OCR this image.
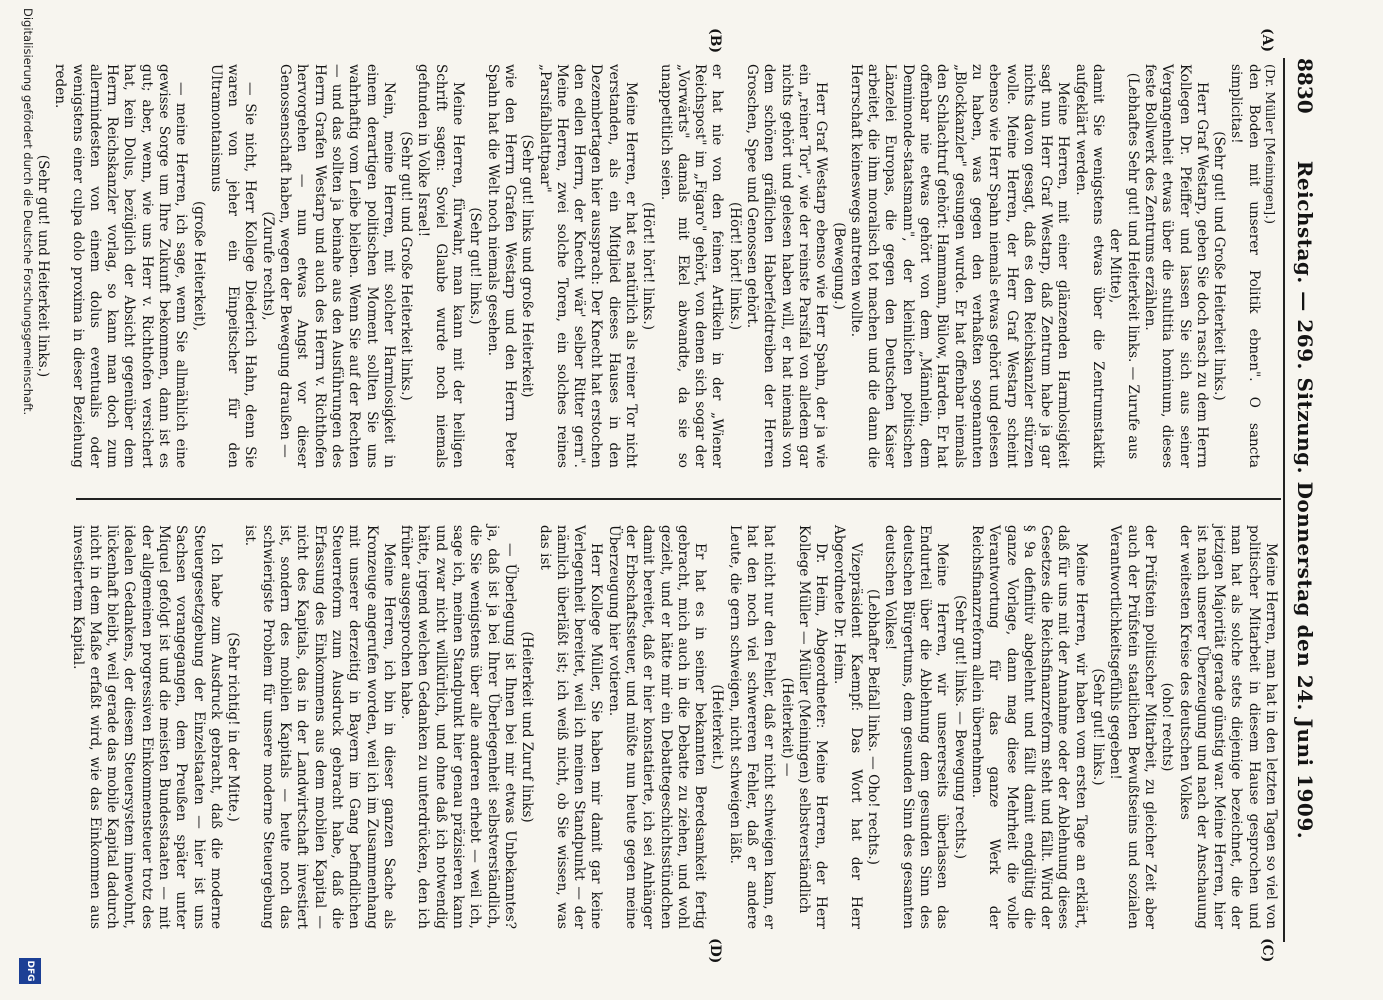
8830
Reichstag. — 269. Sitzung. Donnerstag den 24. Juni 1909.
(A)
(B)
(C)
(D)

(Dr. Müller [Meiningen].)

den Boden mit unserer Politik ebnen". O sancta simplicitas!

(Sehr gut! und Große Heiterkeit links.)

Herr Graf Westarp, geben Sie doch rasch zu dem Herrn Kollegen Dr. Pfeiffer und lassen Sie sich aus seiner Vergangenheit etwas über die stultitia hominum, dieses feste Bollwerk des Zentrums erzählen.

(Lebhaftes Sehr gut! und Heiterkeit links. — Zurufe aus der Mitte),

damit Sie wenigstens etwas über die Zentrumstaktik aufgeklärt werden.

Meine Herren, mit einer glänzenden Harmlosigkeit sagt nun Herr Graf Westarp, daß Zentrum habe ja gar nichts davon gesagt, daß es den Reichskanzler stürzen wolle. Meine Herren, der Herr Graf Westarp scheint ebenso wie Herr Spahn niemals etwas gehört und gelesen zu haben, was gegen den verhaßten sogenannten „Blockkanzler" gesungen wurde. Er hat offenbar niemals den Schlachtruf gehört: Hammann, Bülow, Harden. Er hat offenbar nie etwas gehört von dem „Männlein, dem Demimonde-staatsmann", der kleinlichen politischen Länzelei Europas, die gegen den Deutschen Kaiser arbeitet, die ihm moralisch tot machen und die dann die Herrschaft keineswegs antreten wollte.

(Bewegung.)

Herr Graf Westarp ebenso wie Herr Spahn, der ja wie ein „reiner Tor", wie der reinste Parsifal von alledem gar nichts gehört und gelesen haben will, er hat niemals von dem schönen gräflichen Haberfeldtreiben der Herren Groschen, Spee und Genossen gehört.

(Hört! hört! links.)

er hat nie von den feinen Artikeln in der „Wiener Reichspost" im „Figaro" gehört, von denen sich sogar der „Vorwärts" damals mit Ekel abwandte, da sie so unappetitlich seien.

(Hört! hört! links.)

Meine Herren, er hat es natürlich als reiner Tor nicht verstanden, als ein Mitglied dieses Hauses in den Dezembertagen hier aussprach: Der Knecht hat erstochen den edlen Herrn, der Knecht wär' selber Ritter gern". Meine Herren, zwei solche Toren, ein solches reines „Parsifalblattpaar"

(Sehr gut! links und große Heiterkeit)

wie den Herrn Grafen Westarp und den Herrn Peter Spahn hat die Welt noch niemals gesehen.

(Sehr gut! links.)

Meine Herren, fürwahr, man kann mit der heiligen Schrift sagen: Soviel Glaube wurde noch niemals gefunden in Volke Israel!

(Sehr gut! und Große Heiterkeit links.)

Nein, meine Herren, mit solcher Harmlosigkeit in einem derartigen politischen Moment sollten Sie uns wahrhaftig vom Leibe bleiben. Wenn Sie auf der Rechten — und das sollten ja beinahe aus den Ausführungen des Herrn Grafen Westarp und auch des Herrn v. Richthofen hervorgehen — nun etwas Angst vor dieser Genossenschaft haben, wegen der Bewegung draußen —

(Zurufe rechts),

— Sie nicht, Herr Kollege Diederich Hahn, denn Sie waren von jeher ein Einpeitscher für den Ultramontanismus

(große Heiterkeit),

— meine Herren, ich sage, wenn Sie allmählich eine gewisse Sorge um Ihre Zukunft bekommen, dann ist es gut; aber, wenn, wie uns Herr v. Richthofen versichert hat, kein Dolus, bezüglich der Absicht gegenüber dem Herrn Reichskanzler vorlag, so kann man doch zum allermindesten von einem dolus eventualis oder wenigstens einer culpa dolo proxima in dieser Beziehung reden.

(Sehr gut! und Heiterkeit links.)

Meine Herren, man hat in den letzten Tagen so viel von politischer Mitarbeit in diesem Hause gesprochen und man hat als solche stets diejenige bezeichnet, die der jetzigen Majorität gerade günstig war. Meine Herren, hier ist nach unserer Überzeugung und nach der Anschauung der weitesten Kreise des deutschen Volkes

(oho! rechts)

der Prüfstein politischer Mitarbeit, zu gleicher Zeit aber auch der Prüfstein staatlichen Bewußtseins und sozialen Verantwortlichkeitsgefühls gegeben!

(Sehr gut! links.)

Meine Herren, wir haben vom ersten Tage an erklärt, daß für uns mit der Annahme oder der Ablehnung dieses Gesetzes die Reichsfinanzreform steht und fällt. Wird der § 9a definitiv abgelehnt und fällt damit endgültig die ganze Vorlage, dann mag diese Mehrheit die volle Verantwortung für das ganze Werk der Reichsfinanzreform allein übernehmen.

(Sehr gut! links. — Bewegung rechts.)

Meine Herren, wir unsererseits überlassen das Endurteil über die Ablehnung dem gesunden Sinn des deutschen Bürgertums, dem gesunden Sinn des gesamten deutschen Volkes!

(Lebhafter Beifall links. — Oho! rechts.)

Vizepräsident Kaempf: Das Wort hat der Herr Abgeordnete Dr. Heim.

Dr. Heim, Abgeordneter: Meine Herren, der Herr Kollege Müller — Müller (Meiningen) selbstverständlich

(Heiterkeit) —

hat nicht nur den Fehler, daß er nicht schweigen kann, er hat den noch viel schwereren Fehler, daß er andere Leute, die gern schweigen, nicht schweigen läßt.

(Heiterkeit.)

Er hat es in seiner bekannten Beredsamkeit fertig gebracht, mich auch in die Debatte zu ziehen, und wohl gezielt, und er hätte mir ein Debattegeschichtsstündchen damit bereitet, daß er hier konstatierte, ich sei Anhänger der Erbschaftssteuer, und müßte nun heute gegen meine Überzeugung hier votieren.

Herr Kollege Müller, Sie haben mir damit gar keine Verlegenheit bereitet, weil ich meinen Standpunkt — der nämlich überläßt ist; ich weiß nicht, ob Sie wissen, was das ist

(Heiterkeit und Zuruf links)

— Überlegung ist Ihnen bei mir etwas Unbekanntes? ja, daß ist ja bei Ihrer Überlegenheit selbstverständlich, die Sie wenigstens über alle anderen erhebt — weil ich, sage ich, meinen Standpunkt hier genau präzisieren kann und zwar nicht willkürlich, und ohne daß ich notwendig hätte, irgend welchen Gedanken zu unterdrücken, den ich früher ausgesprochen habe.

Meine Herren, ich bin in dieser ganzen Sache als Kronzeuge angerufen worden, weil ich im Zusammenhang mit unserer derzeitig in Bayern im Gang befindlichen Steuerreform zum Ausdruck gebracht habe, daß die Erfassung des Einkommens aus dem mobilen Kapital — nicht des Kapitals, das in der Landwirtschaft investiert ist, sondern des mobilen Kapitals — heute noch das schwierigste Problem für unsere moderne Steuergebung ist.

(Sehr richtig! in der Mitte.)

Ich habe zum Ausdruck gebracht, daß die moderne Steuergesetzgebung der Einzelstaaten — hier ist uns Sachsen vorangegangen, dem Preußen später unter Miquel gefolgt ist und die meisten Bundesstaaten — mit der allgemeinen progressiven Einkommensteuer trotz des idealen Gedankens, der diesem Steuersystem innewohnt, lückenhaft bleibt, weil gerade das mobile Kapital dadurch nicht in dem Maße erfaßt wird, wie das Einkommen aus investiertem Kapital.

Digitalisierung gefördert durch die Deutsche Forschungsgemeinschaft.
DFG
